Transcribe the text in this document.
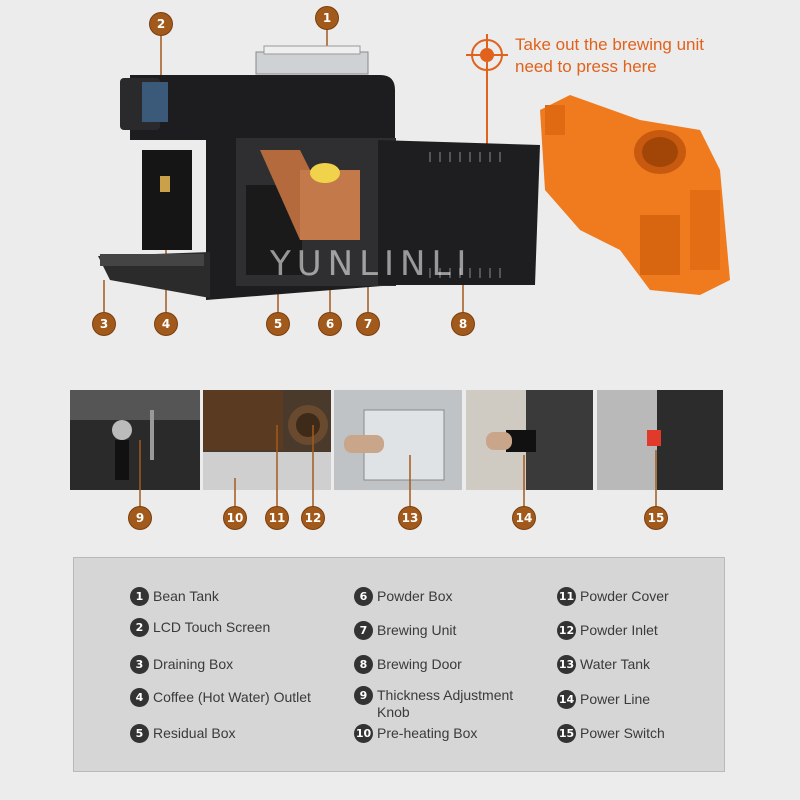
Take out the brewing unit
need to press here
YUNLINLI
1
2
3	4	5	6	7	8
9	10 11 12	13	14	15
1 Bean Tank
2 LCD Touch Screen
3 Draining Box
4 Coffee (Hot Water) Outlet
5 Residual Box
6 Powder Box
7 Brewing Unit
8 Brewing Door
9 Thickness Adjustment Knob
10 Pre-heating Box
11 Powder Cover
12 Powder Inlet
13 Water Tank
14 Power Line
15 Power Switch
